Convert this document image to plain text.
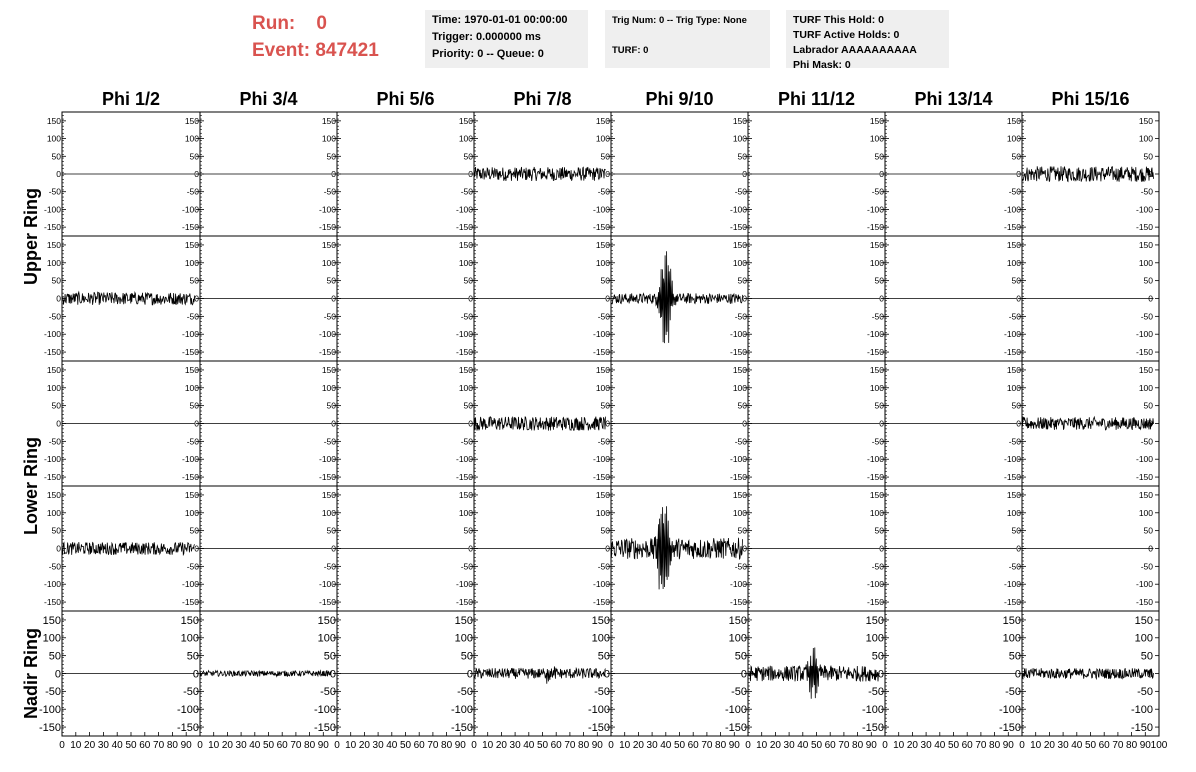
Run: 0
Event: 847421
Time: 1970-01-01 00:00:00
Trigger: 0.000000 ms
Priority: 0 -- Queue: 0
Trig Num: 0 -- Trig Type: None
TURF: 0
TURF This Hold: 0
TURF Active Holds: 0
Labrador AAAAAAAAAA
Phi Mask: 0
Phi 1/2	Phi 3/4	Phi 5/6	Phi 7/8	Phi 9/10	Phi 11/12	Phi 13/14	Phi 15/16
Upper Ring
Lower Ring
Nadir Ring
-150
-100
-50
0
50
100
150
-150
-100
-50
0
50
100
150
-150
-100
-50
0
50
100
150
-150
-100
-50
0
50
100
150
-150
-100
-50
0
50
100
150
-150
-100
-50
0
50
100
150
-150
-100
-50
0
50
100
150
-150	-150
-100	-100
-50	-50
0	0
50	50
100	100
150	150
-150
-100
-50
0
50
100
150
-150
-100
-50
0
50
100
150
-150
-100
-50
0
50
100
150
-150
-100
-50
0
50
100
150
-150
-100
-50
0
50
100
150
-150
-100
-50
0
50
100
150
-150
-100
-50
0
50
100
150
-150	-150
-100	-100
-50	-50
0	0
50	50
100	100
150	150
-150
-100
-50
0
50
100
150
-150
-100
-50
0
50
100
150
-150
-100
-50
0
50
100
150
-150
-100
-50
0
50
100
150
-150
-100
-50
0
50
100
150
-150
-100
-50
0
50
100
150
-150
-100
-50
0
50
100
150
-150	-150
-100	-100
-50	-50
0	0
50	50
100	100
150	150
-150
-100
-50
0
50
100
150
-150
-100
-50
0
50
100
150
-150
-100
-50
0
50
100
150
-150
-100
-50
0
50
100
150
-150
-100
-50
0
50
100
150
-150
-100
-50
0
50
100
150
-150
-100
-50
0
50
100
150
-150	-150
-100	-100
-50	-50
0	0
50	50
100	100
150	150
-150
-100
-50
0
50
100
150
-150
-100
-50
0
50
100
150
-150
-100
-50
0
50
100
150
-150
-100
-50
0
50
100
150
-150
-100
-50
0
50
100
150
-150
-100
-50
0
50
100
150
-150
-100
-50
0
50
100
150
-150	-150
-100	-100
-50	-50
0	0
50	50
100	100
150	150
0 10 20 30 40 50 60 70 80 90 0 10 20 30 40 50 60 70 80 90 0 10 20 30 40 50 60 70 80 90 0 10 20 30 40 50 60 70 80 90 0 10 20 30 40 50 60 70 80 90 0 10 20 30 40 50 60 70 80 90 0 10 20 30 40 50 60 70 80 90 0 10 20 30 40 50 60 70 80 90 100
